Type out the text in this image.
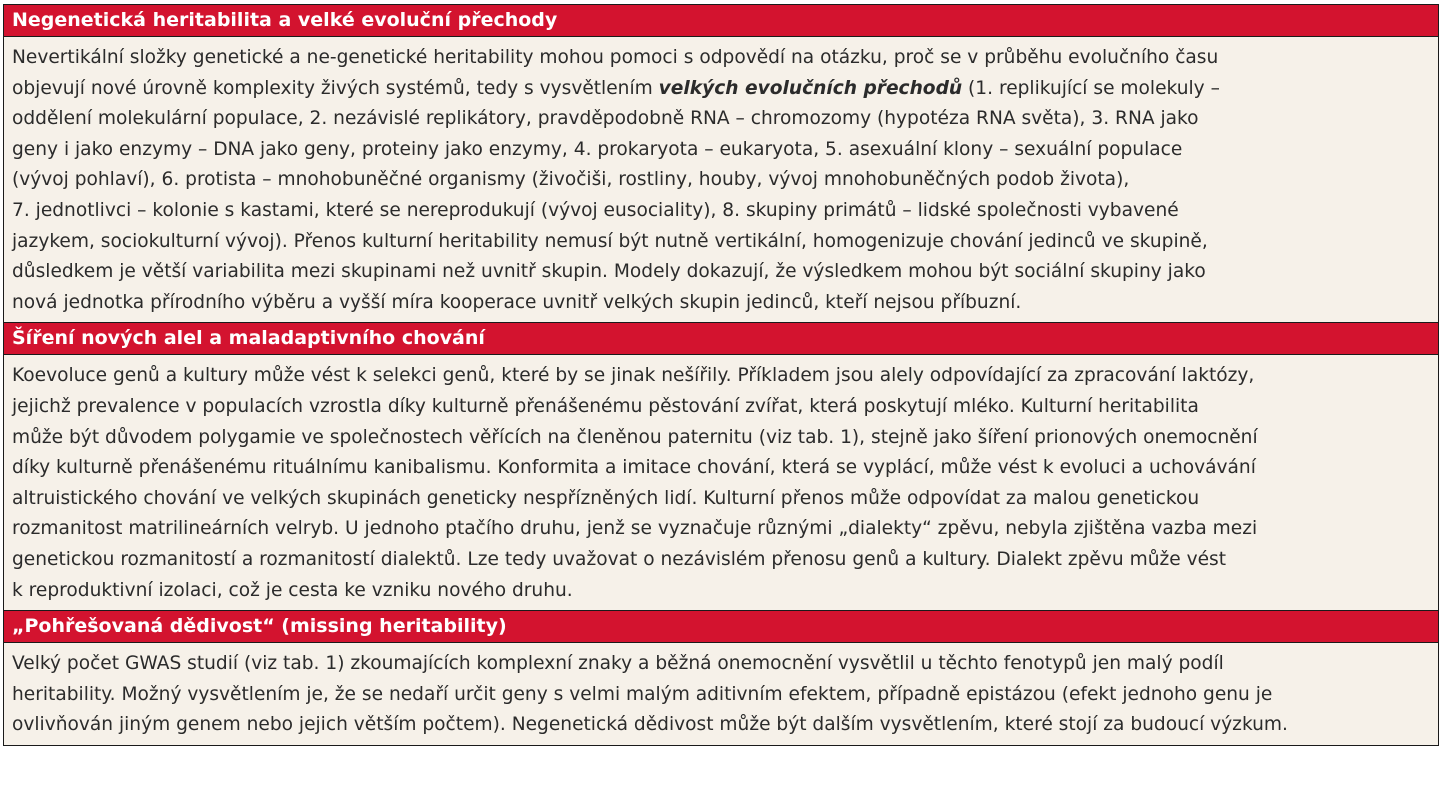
Negenetická heritabilita a velké evoluční přechody
Nevertikální složky genetické a ne-genetické heritability mohou pomoci s odpovědí na otázku, proč se v průběhu evolučního času
objevují nové úrovně komplexity živých systémů, tedy s vysvětlením velkých evolučních přechodů (1. replikující se molekuly –
oddělení molekulární populace, 2. nezávislé replikátory, pravděpodobně RNA – chromozomy (hypotéza RNA světa), 3. RNA jako
geny i jako enzymy – DNA jako geny, proteiny jako enzymy, 4. prokaryota – eukaryota, 5. asexuální klony – sexuální populace
(vývoj pohlaví), 6. protista – mnohobuněčné organismy (živočiši, rostliny, houby, vývoj mnohobuněčných podob života),
7. jednotlivci – kolonie s kastami, které se nereprodukují (vývoj eusociality), 8. skupiny primátů – lidské společnosti vybavené
jazykem, sociokulturní vývoj). Přenos kulturní heritability nemusí být nutně vertikální, homogenizuje chování jedinců ve skupině,
důsledkem je větší variabilita mezi skupinami než uvnitř skupin. Modely dokazují, že výsledkem mohou být sociální skupiny jako
nová jednotka přírodního výběru a vyšší míra kooperace uvnitř velkých skupin jedinců, kteří nejsou příbuzní.
Šíření nových alel a maladaptivního chování
Koevoluce genů a kultury může vést k selekci genů, které by se jinak nešířily. Příkladem jsou alely odpovídající za zpracování laktózy,
jejichž prevalence v populacích vzrostla díky kulturně přenášenému pěstování zvířat, která poskytují mléko. Kulturní heritabilita
může být důvodem polygamie ve společnostech věřících na členěnou paternitu (viz tab. 1), stejně jako šíření prionových onemocnění
díky kulturně přenášenému rituálnímu kanibalismu. Konformita a imitace chování, která se vyplácí, může vést k evoluci a uchovávání
altruistického chování ve velkých skupinách geneticky nespřízněných lidí. Kulturní přenos může odpovídat za malou genetickou
rozmanitost matrilineárních velryb. U jednoho ptačího druhu, jenž se vyznačuje různými „dialekty“ zpěvu, nebyla zjištěna vazba mezi
genetickou rozmanitostí a rozmanitostí dialektů. Lze tedy uvažovat o nezávislém přenosu genů a kultury. Dialekt zpěvu může vést
k reproduktivní izolaci, což je cesta ke vzniku nového druhu.
„Pohřešovaná dědivost“ (missing heritability)
Velký počet GWAS studií (viz tab. 1) zkoumajících komplexní znaky a běžná onemocnění vysvětlil u těchto fenotypů jen malý podíl
heritability. Možný vysvětlením je, že se nedaří určit geny s velmi malým aditivním efektem, případně epistázou (efekt jednoho genu je
ovlivňován jiným genem nebo jejich větším počtem). Negenetická dědivost může být dalším vysvětlením, které stojí za budoucí výzkum.
